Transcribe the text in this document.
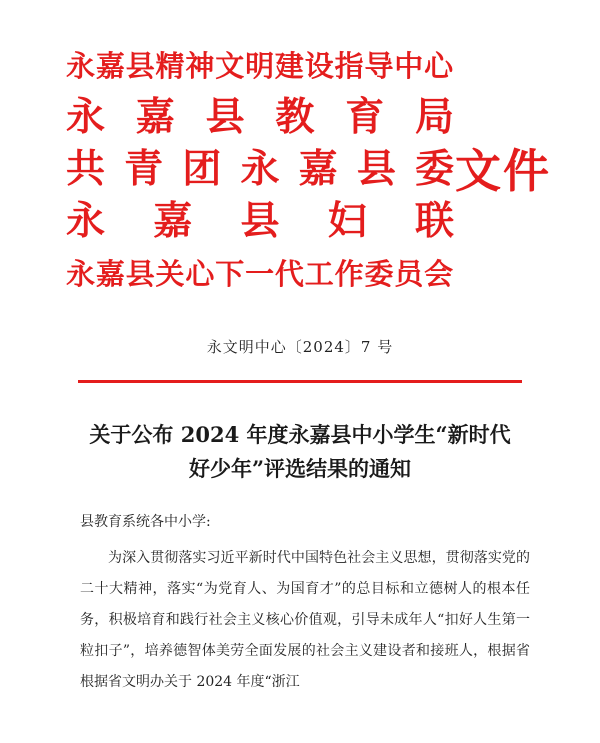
永 嘉 县 精 神 文 明 建 设 指 导 中 心
永 嘉 县 教 育 局
共 青 团 永 嘉 县 委
永 嘉 县 妇 联
永 嘉 县 关 心 下 一 代 工 作 委 员 会
文件
永文明中心〔2024〕7 号
关于公布 2024 年度永嘉县中小学生“新时代
好少年”评选结果的通知
县教育系统各中小学:
为深入贯彻落实习近平新时代中国特色社会主义思想，贯彻落实党的二十大精神，落实“为党育人、为国育才”的总目标和立德树人的根本任务，积极培育和践行社会主义核心价值观，引导未成年人“扣好人生第一粒扣子”，培养德智体美劳全面发展的社会主义建设者和接班人，根据省根据省文明办关于 2024 年度“浙江
